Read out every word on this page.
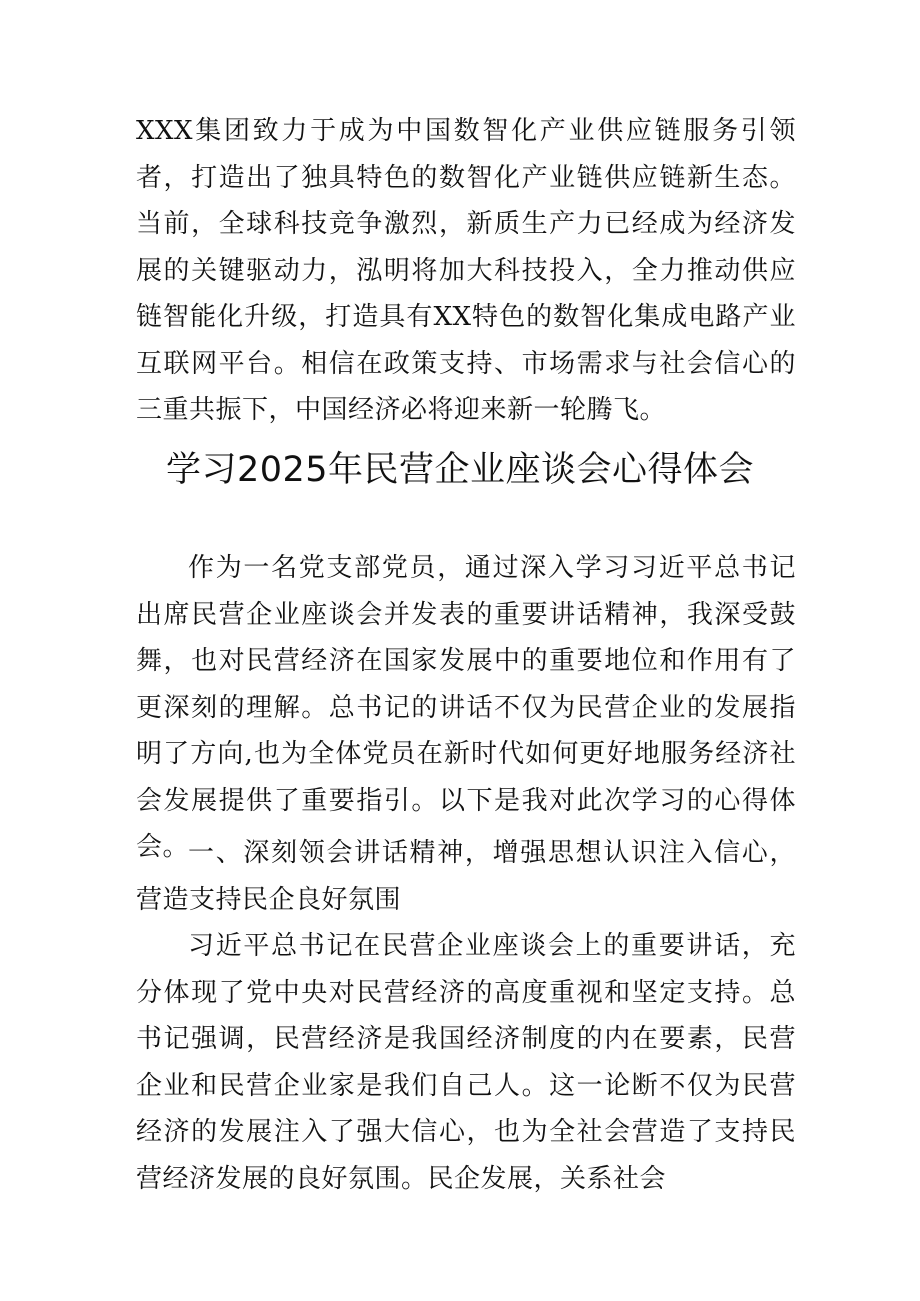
XXX集团致力于成为中国数智化产业供应链服务引领者，打造出了独具特色的数智化产业链供应链新生态。当前，全球科技竞争激烈，新质生产力已经成为经济发展的关键驱动力，泓明将加大科技投入，全力推动供应链智能化升级，打造具有XX特色的数智化集成电路产业互联网平台。相信在政策支持、市场需求与社会信心的三重共振下，中国经济必将迎来新一轮腾飞。

学习2025年民营企业座谈会心得体会

作为一名党支部党员，通过深入学习习近平总书记出席民营企业座谈会并发表的重要讲话精神，我深受鼓舞，也对民营经济在国家发展中的重要地位和作用有了更深刻的理解。总书记的讲话不仅为民营企业的发展指明了方向,也为全体党员在新时代如何更好地服务经济社会发展提供了重要指引。以下是我对此次学习的心得体会。

一、深刻领会讲话精神，增强思想认识注入信心，营造支持民企良好氛围

习近平总书记在民营企业座谈会上的重要讲话，充分体现了党中央对民营经济的高度重视和坚定支持。总书记强调，民营经济是我国经济制度的内在要素，民营企业和民营企业家是我们自己人。这一论断不仅为民营经济的发展注入了强大信心，也为全社会营造了支持民营经济发展的良好氛围。民企发展，关系社会
